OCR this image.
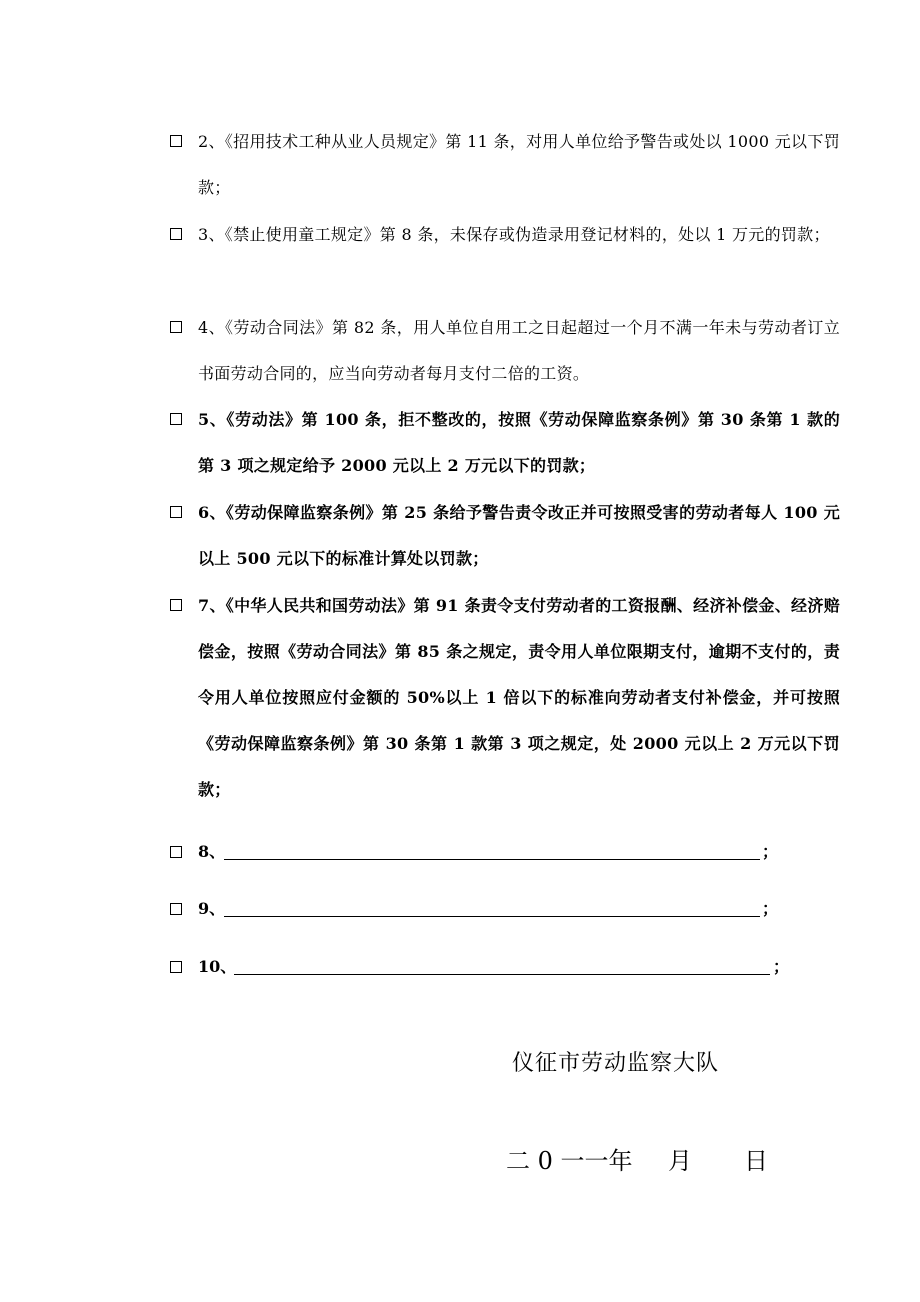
2、《招用技术工种从业人员规定》第 11 条，对用人单位给予警告或处以 1000 元以下罚款；
3、《禁止使用童工规定》第 8 条，未保存或伪造录用登记材料的，处以 1 万元的罚款；
4、《劳动合同法》第 82 条，用人单位自用工之日起超过一个月不满一年未与劳动者订立书面劳动合同的，应当向劳动者每月支付二倍的工资。
5、《劳动法》第 100 条，拒不整改的，按照《劳动保障监察条例》第 30 条第 1 款的第 3 项之规定给予 2000 元以上 2 万元以下的罚款；
6、《劳动保障监察条例》第 25 条给予警告责令改正并可按照受害的劳动者每人 100 元以上 500 元以下的标准计算处以罚款；
7、《中华人民共和国劳动法》第 91 条责令支付劳动者的工资报酬、经济补偿金、经济赔偿金，按照《劳动合同法》第 85 条之规定，责令用人单位限期支付，逾期不支付的，责令用人单位按照应付金额的 50%以上 1 倍以下的标准向劳动者支付补偿金，并可按照《劳动保障监察条例》第 30 条第 1 款第 3 项之规定，处 2000 元以上 2 万元以下罚款；
8、	；
9、	；
10、	；
仪征市劳动监察大队
二 0 一一年 月 日
